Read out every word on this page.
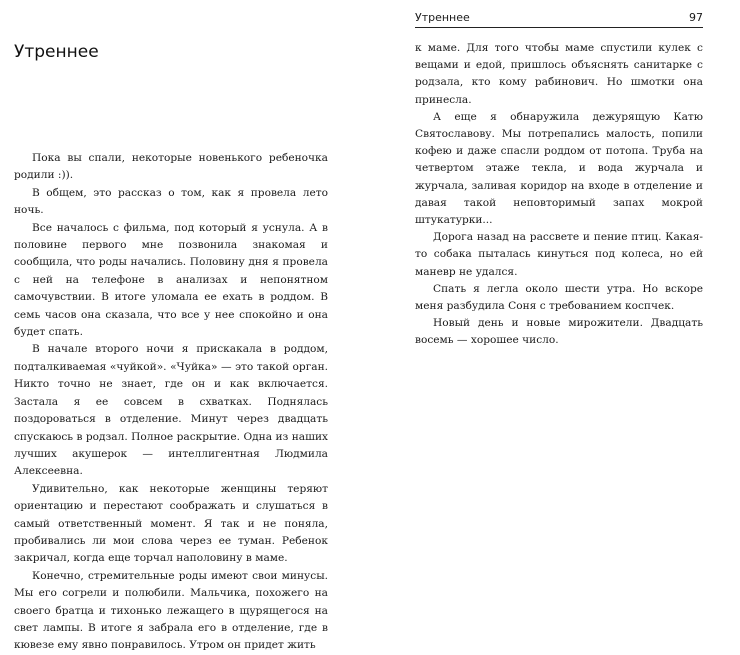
Утреннее

Пока вы спали, некоторые новенького ребеночка родили :)).

В общем, это рассказ о том, как я провела лето ночь.

Все началось с фильма, под который я уснула. А в половине первого мне позвонила знакомая и сообщила, что роды начались. Половину дня я провела с ней на телефоне в анализах и непонятном самочувствии. В итоге уломала ее ехать в роддом. В семь часов она сказала, что все у нее спокойно и она будет спать.

В начале второго ночи я прискакала в роддом, подталкиваемая «чуйкой». «Чуйка» — это такой орган. Никто точно не знает, где он и как включается. Застала я ее совсем в схватках. Поднялась поздороваться в отделение. Минут через двадцать спускаюсь в родзал. Полное раскрытие. Одна из наших лучших акушерок — интеллигентная Людмила Алексеевна.

Удивительно, как некоторые женщины теряют ориентацию и перестают соображать и слушаться в самый ответственный момент. Я так и не поняла, пробивались ли мои слова через ее туман. Ребенок закричал, когда еще торчал наполовину в маме.

Конечно, стремительные роды имеют свои минусы. Мы его согрели и полюбили. Мальчика, похожего на своего братца и тихонько лежащего в щурящегося на свет лампы. В итоге я забрала его в отделение, где в кювезе ему явно понравилось. Утром он придет жить

Утреннее	97

к маме. Для того чтобы маме спустили кулек с вещами и едой, пришлось объяснять санитарке с родзала, кто кому рабинович. Но шмотки она принесла.

А еще я обнаружила дежурящую Катю Святославову. Мы потрепались малость, попили кофею и даже спасли роддом от потопа. Труба на четвертом этаже текла, и вода журчала и журчала, заливая коридор на входе в отделение и давая такой неповторимый запах мокрой штукатурки...

Дорога назад на рассвете и пение птиц. Какая-то собака пыталась кинуться под колеса, но ей маневр не удался.

Спать я легла около шести утра. Но вскоре меня разбудила Соня с требованием коспчек.

Новый день и новые мирожители. Двадцать восемь — хорошее число.
